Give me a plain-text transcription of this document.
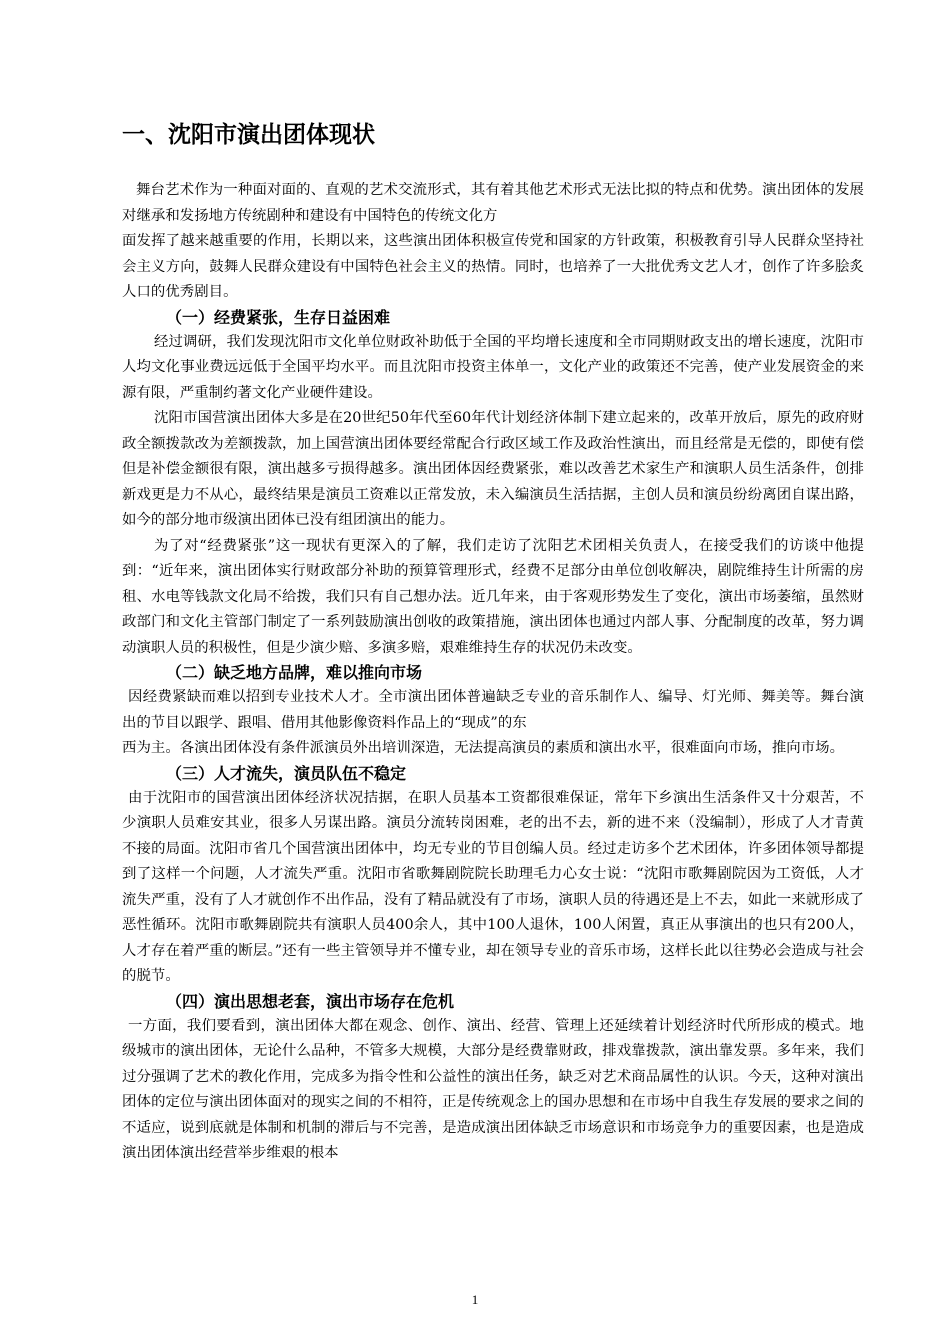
一、沈阳市演出团体现状

舞台艺术作为一种面对面的、直观的艺术交流形式，其有着其他艺术形式无法比拟的特点和优势。演出团体的发展对继承和发扬地方传统剧种和建设有中国特色的传统文化方

面发挥了越来越重要的作用，长期以来，这些演出团体积极宣传党和国家的方针政策，积极教育引导人民群众坚持社会主义方向，鼓舞人民群众建设有中国特色社会主义的热情。同时，也培养了一大批优秀文艺人才，创作了许多脍炙人口的优秀剧目。

（一）经费紧张，生存日益困难

经过调研，我们发现沈阳市文化单位财政补助低于全国的平均增长速度和全市同期财政支出的增长速度，沈阳市人均文化事业费远远低于全国平均水平。而且沈阳市投资主体单一，文化产业的政策还不完善，使产业发展资金的来源有限，严重制约著文化产业硬件建设。

沈阳市国营演出团体大多是在20世纪50年代至60年代计划经济体制下建立起来的，改革开放后，原先的政府财政全额拨款改为差额拨款，加上国营演出团体要经常配合行政区域工作及政治性演出，而且经常是无偿的，即使有偿但是补偿金额很有限，演出越多亏损得越多。演出团体因经费紧张，难以改善艺术家生产和演职人员生活条件，创排新戏更是力不从心，最终结果是演员工资难以正常发放，未入编演员生活拮据，主创人员和演员纷纷离团自谋出路，如今的部分地市级演出团体已没有组团演出的能力。

为了对“经费紧张”这一现状有更深入的了解，我们走访了沈阳艺术团相关负责人，在接受我们的访谈中他提到：“近年来，演出团体实行财政部分补助的预算管理形式，经费不足部分由单位创收解决，剧院维持生计所需的房租、水电等钱款文化局不给拨，我们只有自己想办法。近几年来，由于客观形势发生了变化，演出市场萎缩，虽然财政部门和文化主管部门制定了一系列鼓励演出创收的政策措施，演出团体也通过内部人事、分配制度的改革，努力调动演职人员的积极性，但是少演少赔、多演多赔，艰难维持生存的状况仍未改变。

（二）缺乏地方品牌，难以推向市场

因经费紧缺而难以招到专业技术人才。全市演出团体普遍缺乏专业的音乐制作人、编导、灯光师、舞美等。舞台演出的节目以跟学、跟唱、借用其他影像资料作品上的“现成”的东

西为主。各演出团体没有条件派演员外出培训深造，无法提高演员的素质和演出水平，很难面向市场，推向市场。

（三）人才流失，演员队伍不稳定

由于沈阳市的国营演出团体经济状况拮据，在职人员基本工资都很难保证，常年下乡演出生活条件又十分艰苦，不少演职人员难安其业，很多人另谋出路。演员分流转岗困难，老的出不去，新的进不来（没编制），形成了人才青黄不接的局面。沈阳市省几个国营演出团体中，均无专业的节目创编人员。经过走访多个艺术团体，许多团体领导都提到了这样一个问题，人才流失严重。沈阳市省歌舞剧院院长助理毛力心女士说：“沈阳市歌舞剧院因为工资低，人才流失严重，没有了人才就创作不出作品，没有了精品就没有了市场，演职人员的待遇还是上不去，如此一来就形成了恶性循环。沈阳市歌舞剧院共有演职人员400余人，其中100人退休，100人闲置，真正从事演出的也只有200人，人才存在着严重的断层。”还有一些主管领导并不懂专业，却在领导专业的音乐市场，这样长此以往势必会造成与社会的脱节。

（四）演出思想老套，演出市场存在危机

一方面，我们要看到，演出团体大都在观念、创作、演出、经营、管理上还延续着计划经济时代所形成的模式。地级城市的演出团体，无论什么品种，不管多大规模，大部分是经费靠财政，排戏靠拨款，演出靠发票。多年来，我们过分强调了艺术的教化作用，完成多为指令性和公益性的演出任务，缺乏对艺术商品属性的认识。今天，这种对演出团体的定位与演出团体面对的现实之间的不相符，正是传统观念上的国办思想和在市场中自我生存发展的要求之间的不适应，说到底就是体制和机制的滞后与不完善，是造成演出团体缺乏市场意识和市场竞争力的重要因素，也是造成演出团体演出经营举步维艰的根本

1
